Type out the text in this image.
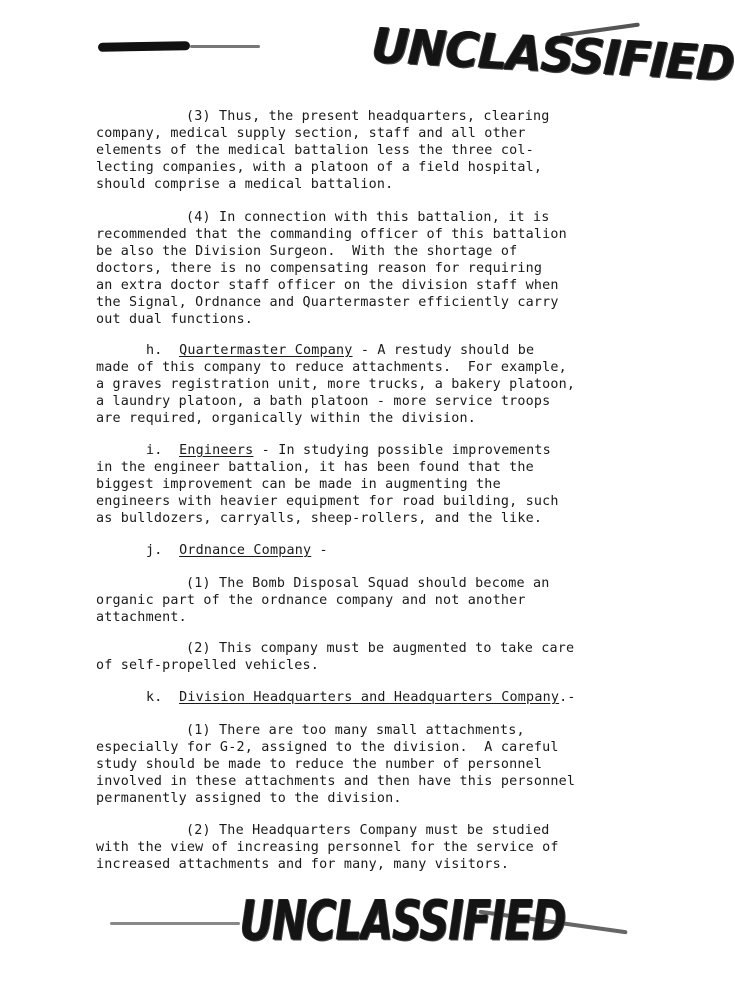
UNCLASSIFIED
(3) Thus, the present headquarters, clearing
company, medical supply section, staff and all other
elements of the medical battalion less the three col-
lecting companies, with a platoon of a field hospital,
should comprise a medical battalion.
(4) In connection with this battalion, it is
recommended that the commanding officer of this battalion
be also the Division Surgeon.  With the shortage of
doctors, there is no compensating reason for requiring
an extra doctor staff officer on the division staff when
the Signal, Ordnance and Quartermaster efficiently carry
out dual functions.
h. Quartermaster Company - A restudy should be
made of this company to reduce attachments.  For example,
a graves registration unit, more trucks, a bakery platoon,
a laundry platoon, a bath platoon - more service troops
are required, organically within the division.
i. Engineers - In studying possible improvements
in the engineer battalion, it has been found that the
biggest improvement can be made in augmenting the
engineers with heavier equipment for road building, such
as bulldozers, carryalls, sheep-rollers, and the like.
j. Ordnance Company -
(1) The Bomb Disposal Squad should become an
organic part of the ordnance company and not another
attachment.
(2) This company must be augmented to take care
of self-propelled vehicles.
k. Division Headquarters and Headquarters Company.-
(1) There are too many small attachments,
especially for G-2, assigned to the division.  A careful
study should be made to reduce the number of personnel
involved in these attachments and then have this personnel
permanently assigned to the division.
(2) The Headquarters Company must be studied
with the view of increasing personnel for the service of
increased attachments and for many, many visitors.
UNCLASSIFIED
